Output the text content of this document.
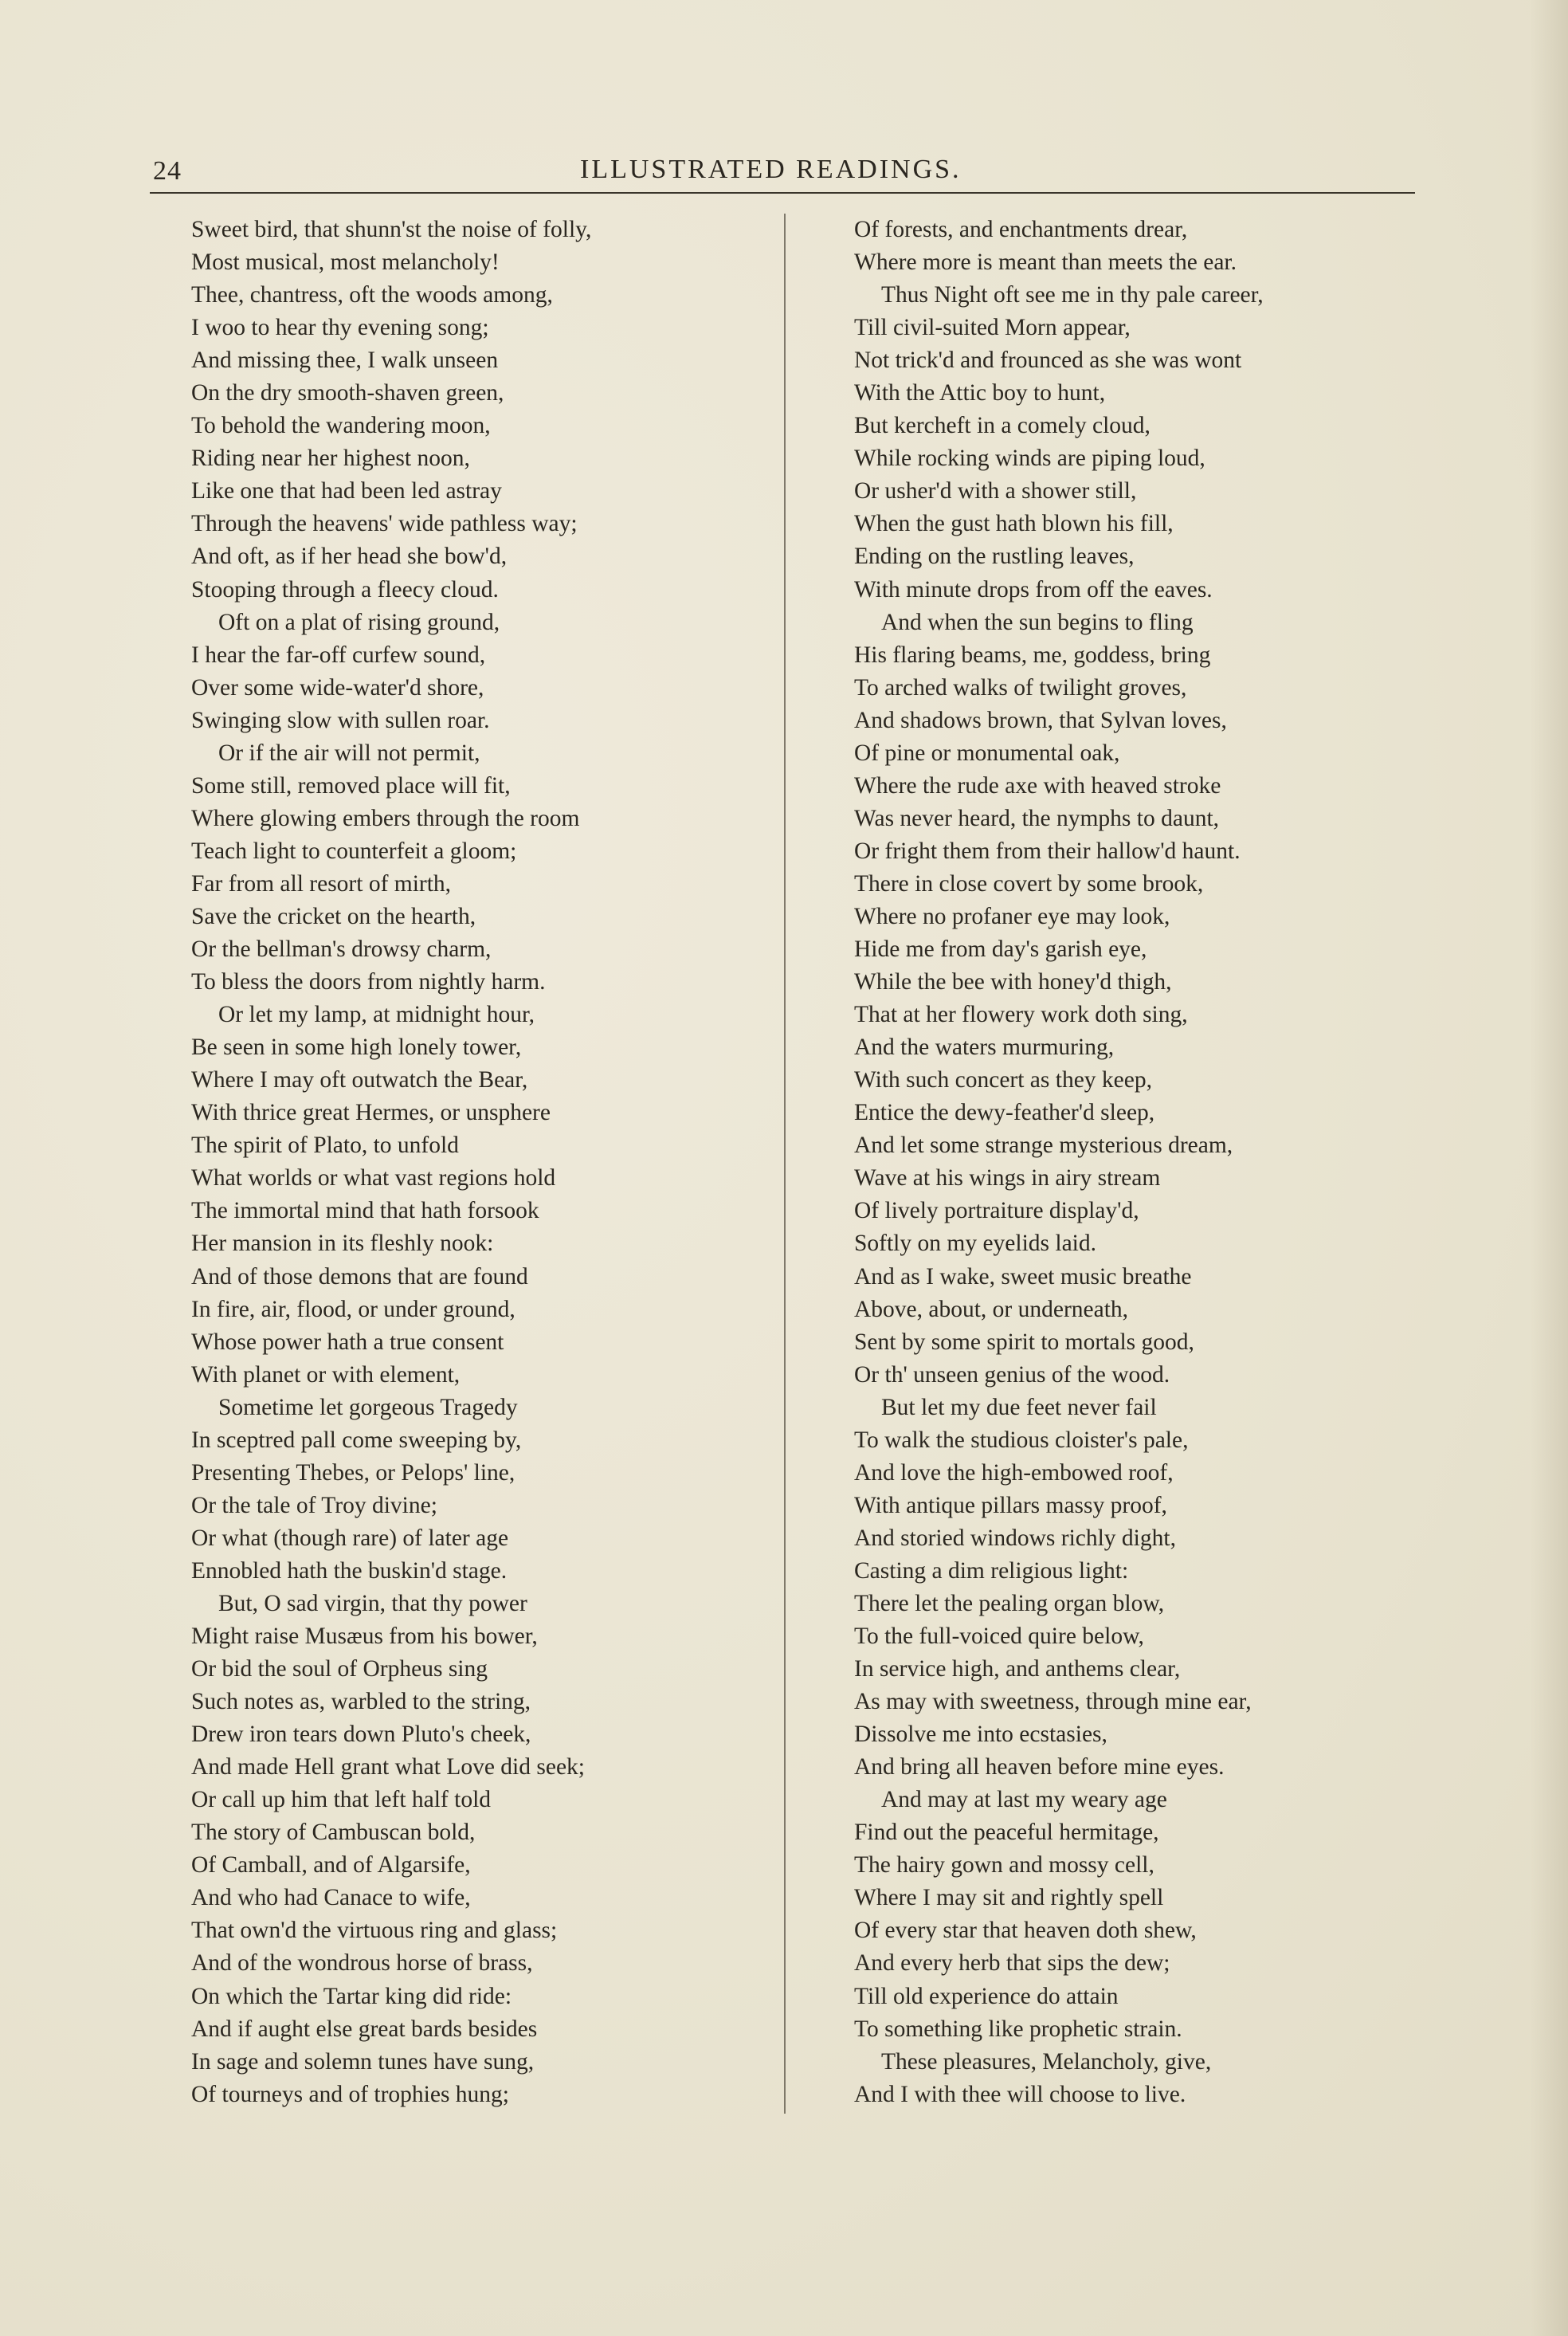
24	ILLUSTRATED READINGS.
Sweet bird, that shunn'st the noise of folly,
Most musical, most melancholy!
Thee, chantress, oft the woods among,
I woo to hear thy evening song;
And missing thee, I walk unseen
On the dry smooth-shaven green,
To behold the wandering moon,
Riding near her highest noon,
Like one that had been led astray
Through the heavens' wide pathless way;
And oft, as if her head she bow'd,
Stooping through a fleecy cloud.
Oft on a plat of rising ground,
I hear the far-off curfew sound,
Over some wide-water'd shore,
Swinging slow with sullen roar.
Or if the air will not permit,
Some still, removed place will fit,
Where glowing embers through the room
Teach light to counterfeit a gloom;
Far from all resort of mirth,
Save the cricket on the hearth,
Or the bellman's drowsy charm,
To bless the doors from nightly harm.
Or let my lamp, at midnight hour,
Be seen in some high lonely tower,
Where I may oft outwatch the Bear,
With thrice great Hermes, or unsphere
The spirit of Plato, to unfold
What worlds or what vast regions hold
The immortal mind that hath forsook
Her mansion in its fleshly nook:
And of those demons that are found
In fire, air, flood, or under ground,
Whose power hath a true consent
With planet or with element,
Sometime let gorgeous Tragedy
In sceptred pall come sweeping by,
Presenting Thebes, or Pelops' line,
Or the tale of Troy divine;
Or what (though rare) of later age
Ennobled hath the buskin'd stage.
But, O sad virgin, that thy power
Might raise Musæus from his bower,
Or bid the soul of Orpheus sing
Such notes as, warbled to the string,
Drew iron tears down Pluto's cheek,
And made Hell grant what Love did seek;
Or call up him that left half told
The story of Cambuscan bold,
Of Camball, and of Algarsife,
And who had Canace to wife,
That own'd the virtuous ring and glass;
And of the wondrous horse of brass,
On which the Tartar king did ride:
And if aught else great bards besides
In sage and solemn tunes have sung,
Of tourneys and of trophies hung;
Of forests, and enchantments drear,
Where more is meant than meets the ear.
Thus Night oft see me in thy pale career,
Till civil-suited Morn appear,
Not trick'd and frounced as she was wont
With the Attic boy to hunt,
But kercheft in a comely cloud,
While rocking winds are piping loud,
Or usher'd with a shower still,
When the gust hath blown his fill,
Ending on the rustling leaves,
With minute drops from off the eaves.
And when the sun begins to fling
His flaring beams, me, goddess, bring
To arched walks of twilight groves,
And shadows brown, that Sylvan loves,
Of pine or monumental oak,
Where the rude axe with heaved stroke
Was never heard, the nymphs to daunt,
Or fright them from their hallow'd haunt.
There in close covert by some brook,
Where no profaner eye may look,
Hide me from day's garish eye,
While the bee with honey'd thigh,
That at her flowery work doth sing,
And the waters murmuring,
With such concert as they keep,
Entice the dewy-feather'd sleep,
And let some strange mysterious dream,
Wave at his wings in airy stream
Of lively portraiture display'd,
Softly on my eyelids laid.
And as I wake, sweet music breathe
Above, about, or underneath,
Sent by some spirit to mortals good,
Or th' unseen genius of the wood.
But let my due feet never fail
To walk the studious cloister's pale,
And love the high-embowed roof,
With antique pillars massy proof,
And storied windows richly dight,
Casting a dim religious light:
There let the pealing organ blow,
To the full-voiced quire below,
In service high, and anthems clear,
As may with sweetness, through mine ear,
Dissolve me into ecstasies,
And bring all heaven before mine eyes.
And may at last my weary age
Find out the peaceful hermitage,
The hairy gown and mossy cell,
Where I may sit and rightly spell
Of every star that heaven doth shew,
And every herb that sips the dew;
Till old experience do attain
To something like prophetic strain.
These pleasures, Melancholy, give,
And I with thee will choose to live.
